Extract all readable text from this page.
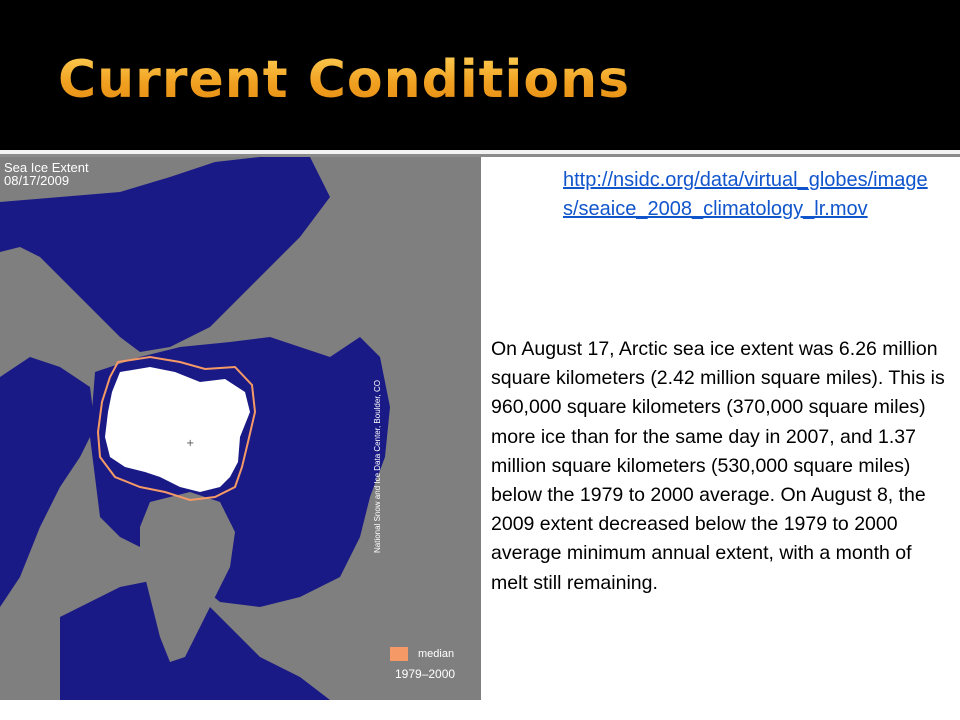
Current Conditions
+
Sea Ice Extent
08/17/2009
National Snow and Ice Data Center, Boulder, CO
median
1979–2000
http://nsidc.org/data/virtual_globes/images/seaice_2008_climatology_lr.mov
On August 17, Arctic sea ice extent was 6.26 million square kilometers (2.42 million square miles). This is 960,000 square kilometers (370,000 square miles) more ice than for the same day in 2007, and 1.37 million square kilometers (530,000 square miles) below the 1979 to 2000 average. On August 8, the 2009 extent decreased below the 1979 to 2000 average minimum annual extent, with a month of melt still remaining.
